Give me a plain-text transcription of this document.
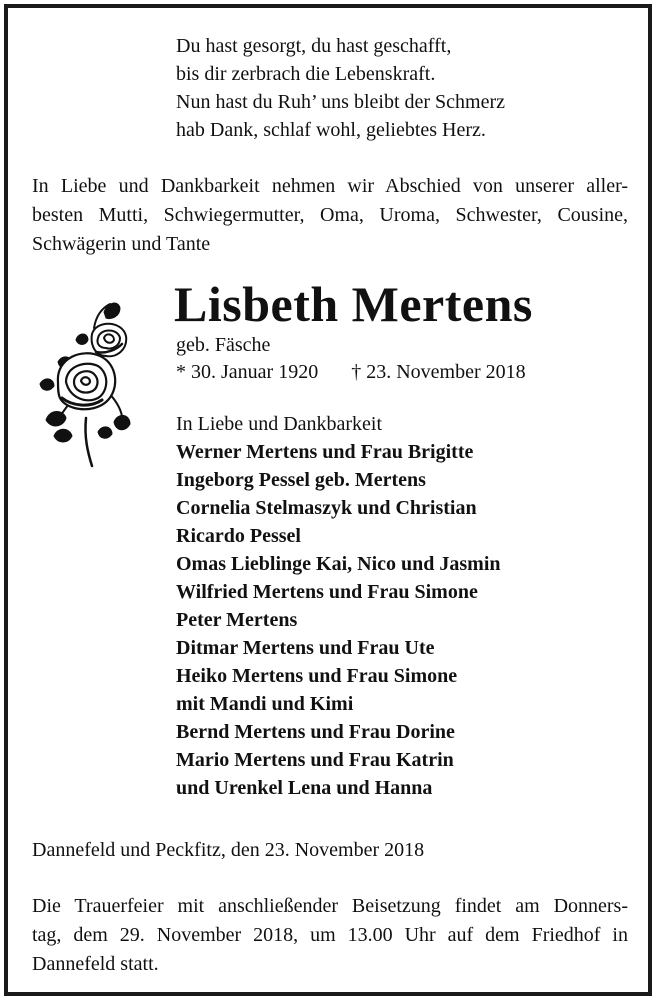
Du hast gesorgt, du hast geschafft,
bis dir zerbrach die Lebenskraft.
Nun hast du Ruh’ uns bleibt der Schmerz
hab Dank, schlaf wohl, geliebtes Herz.
In Liebe und Dankbarkeit nehmen wir Abschied von unserer aller-
besten Mutti, Schwiegermutter, Oma, Uroma, Schwester, Cousine,
Schwägerin und Tante
Lisbeth Mertens
geb. Fäsche
* 30. Januar 1920 † 23. November 2018
In Liebe und Dankbarkeit
Werner Mertens und Frau Brigitte
Ingeborg Pessel geb. Mertens
Cornelia Stelmaszyk und Christian
Ricardo Pessel
Omas Lieblinge Kai, Nico und Jasmin
Wilfried Mertens und Frau Simone
Peter Mertens
Ditmar Mertens und Frau Ute
Heiko Mertens und Frau Simone
mit Mandi und Kimi
Bernd Mertens und Frau Dorine
Mario Mertens und Frau Katrin
und Urenkel Lena und Hanna
Dannefeld und Peckfitz, den 23. November 2018
Die Trauerfeier mit anschließender Beisetzung findet am Donners-
tag, dem 29. November 2018, um 13.00 Uhr auf dem Friedhof in
Dannefeld statt.
